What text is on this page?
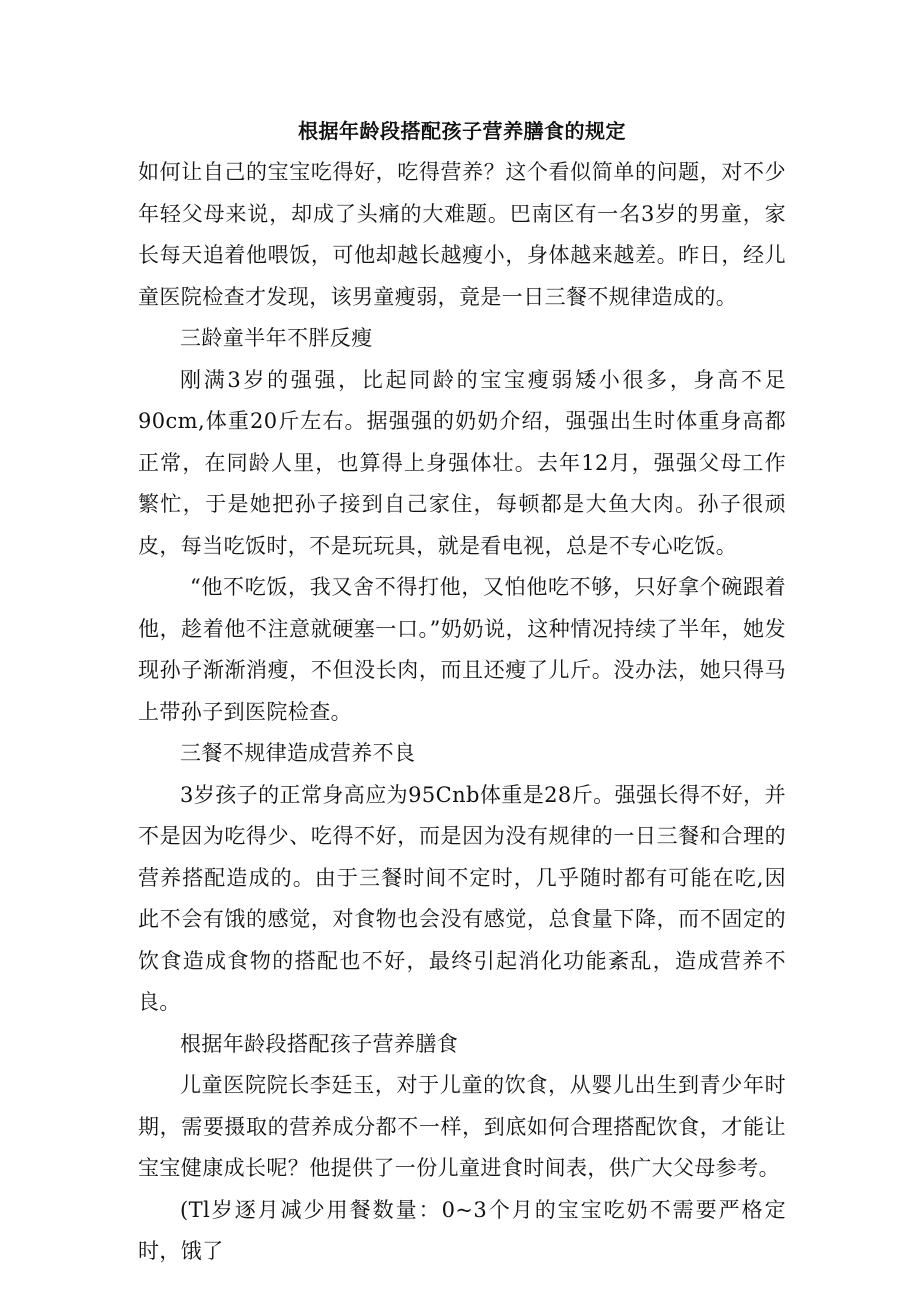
根据年龄段搭配孩子营养膳食的规定

如何让自己的宝宝吃得好，吃得营养？这个看似简单的问题，对不少年轻父母来说，却成了头痛的大难题。巴南区有一名3岁的男童，家长每天追着他喂饭，可他却越长越瘦小，身体越来越差。昨日，经儿童医院检查才发现，该男童瘦弱，竟是一日三餐不规律造成的。

三龄童半年不胖反瘦

刚满3岁的强强，比起同龄的宝宝瘦弱矮小很多，身高不足90cm,体重20斤左右。据强强的奶奶介绍，强强出生时体重身高都正常，在同龄人里，也算得上身强体壮。去年12月，强强父母工作繁忙，于是她把孙子接到自己家住，每顿都是大鱼大肉。孙子很顽皮，每当吃饭时，不是玩玩具，就是看电视，总是不专心吃饭。

“他不吃饭，我又舍不得打他，又怕他吃不够，只好拿个碗跟着他，趁着他不注意就硬塞一口。”奶奶说，这种情况持续了半年，她发现孙子渐渐消瘦，不但没长肉，而且还瘦了儿斤。没办法，她只得马上带孙子到医院检查。

三餐不规律造成营养不良

3岁孩子的正常身高应为95Cnb体重是28斤。强强长得不好，并不是因为吃得少、吃得不好，而是因为没有规律的一日三餐和合理的营养搭配造成的。由于三餐时间不定时，几乎随时都有可能在吃,因此不会有饿的感觉，对食物也会没有感觉，总食量下降，而不固定的饮食造成食物的搭配也不好，最终引起消化功能紊乱，造成营养不良。

根据年龄段搭配孩子营养膳食

儿童医院院长李廷玉，对于儿童的饮食，从婴儿出生到青少年时期，需要摄取的营养成分都不一样，到底如何合理搭配饮食，才能让宝宝健康成长呢？他提供了一份儿童进食时间表，供广大父母参考。

(Tl岁逐月减少用餐数量：0~3个月的宝宝吃奶不需要严格定时，饿了
